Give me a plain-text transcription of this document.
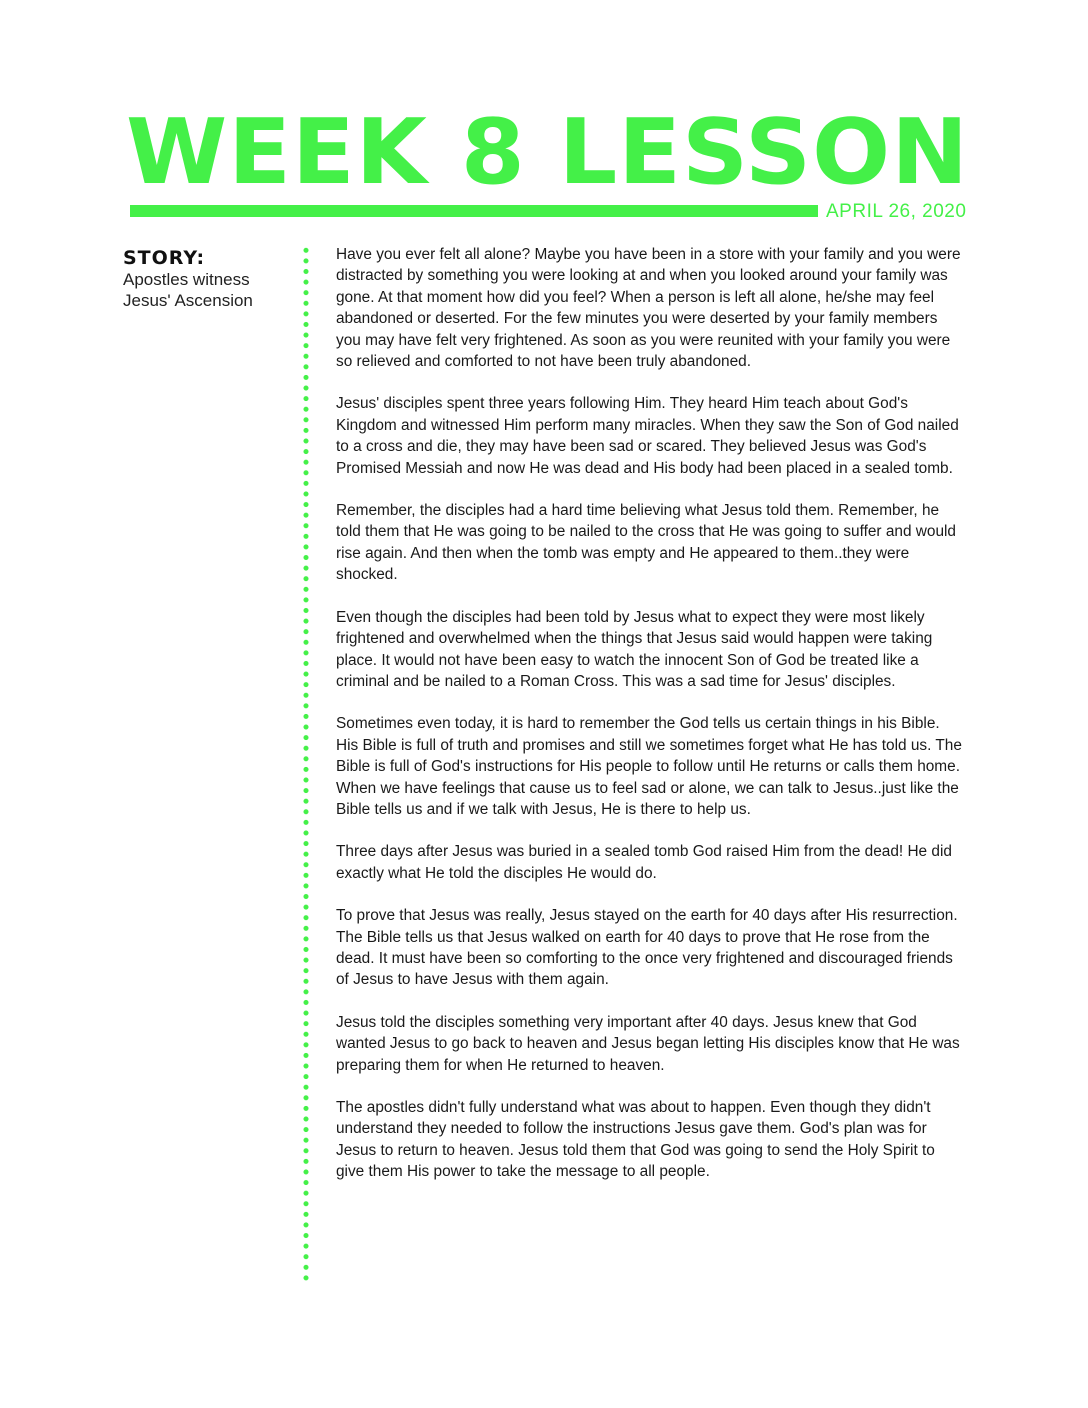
WEEK 8 LESSON
APRIL 26, 2020
STORY:
Apostles witness
Jesus' Ascension

Have you ever felt all alone? Maybe you have been in a store with your family and you were distracted by something you were looking at and when you looked around your family was gone. At that moment how did you feel? When a person is left all alone, he/she may feel abandoned or deserted. For the few minutes you were deserted by your family members you may have felt very frightened. As soon as you were reunited with your family you were so relieved and comforted to not have been truly abandoned.

Jesus' disciples spent three years following Him. They heard Him teach about God's Kingdom and witnessed Him perform many miracles. When they saw the Son of God nailed to a cross and die, they may have been sad or scared. They believed Jesus was God's Promised Messiah and now He was dead and His body had been placed in a sealed tomb.

Remember, the disciples had a hard time believing what Jesus told them. Remember, he told them that He was going to be nailed to the cross that He was going to suffer and would rise again. And then when the tomb was empty and He appeared to them..they were shocked.

Even though the disciples had been told by Jesus what to expect they were most likely frightened and overwhelmed when the things that Jesus said would happen were taking place. It would not have been easy to watch the innocent Son of God be treated like a criminal and be nailed to a Roman Cross. This was a sad time for Jesus' disciples.

Sometimes even today, it is hard to remember the God tells us certain things in his Bible. His Bible is full of truth and promises and still we sometimes forget what He has told us. The Bible is full of God's instructions for His people to follow until He returns or calls them home. When we have feelings that cause us to feel sad or alone, we can talk to Jesus..just like the Bible tells us and if we talk with Jesus, He is there to help us.

Three days after Jesus was buried in a sealed tomb God raised Him from the dead! He did exactly what He told the disciples He would do.

To prove that Jesus was really, Jesus stayed on the earth for 40 days after His resurrection. The Bible tells us that Jesus walked on earth for 40 days to prove that He rose from the dead. It must have been so comforting to the once very frightened and discouraged friends of Jesus to have Jesus with them again.

Jesus told the disciples something very important after 40 days. Jesus knew that God wanted Jesus to go back to heaven and Jesus began letting His disciples know that He was preparing them for when He returned to heaven.

The apostles didn't fully understand what was about to happen. Even though they didn't understand they needed to follow the instructions Jesus gave them. God's plan was for Jesus to return to heaven. Jesus told them that God was going to send the Holy Spirit to give them His power to take the message to all people.
